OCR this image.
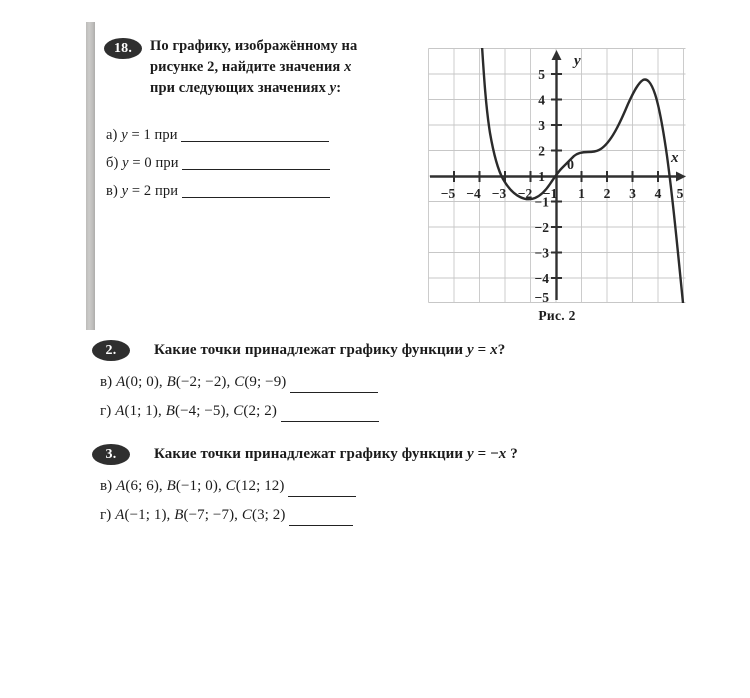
18.	По графику, изображённому на
рисунке 2, найдите значения x
при следующих значениях y:
а) y = 1 при
б) y = 0 при
в) y = 2 при	−5 −4 −3 −2 −1 1 2 3 4 5
5
4
3
2
1
−1
−2
−3
−4
−5
0
y
x
Рис. 2
2.	Какие точки принадлежат графику функции y = x?
в) A(0; 0), B(−2; −2), C(9; −9)
г) A(1; 1), B(−4; −5), C(2; 2)
3.	Какие точки принадлежат графику функции y = −x ?
в) A(6; 6), B(−1; 0), C(12; 12)
г) A(−1; 1), B(−7; −7), C(3; 2)
